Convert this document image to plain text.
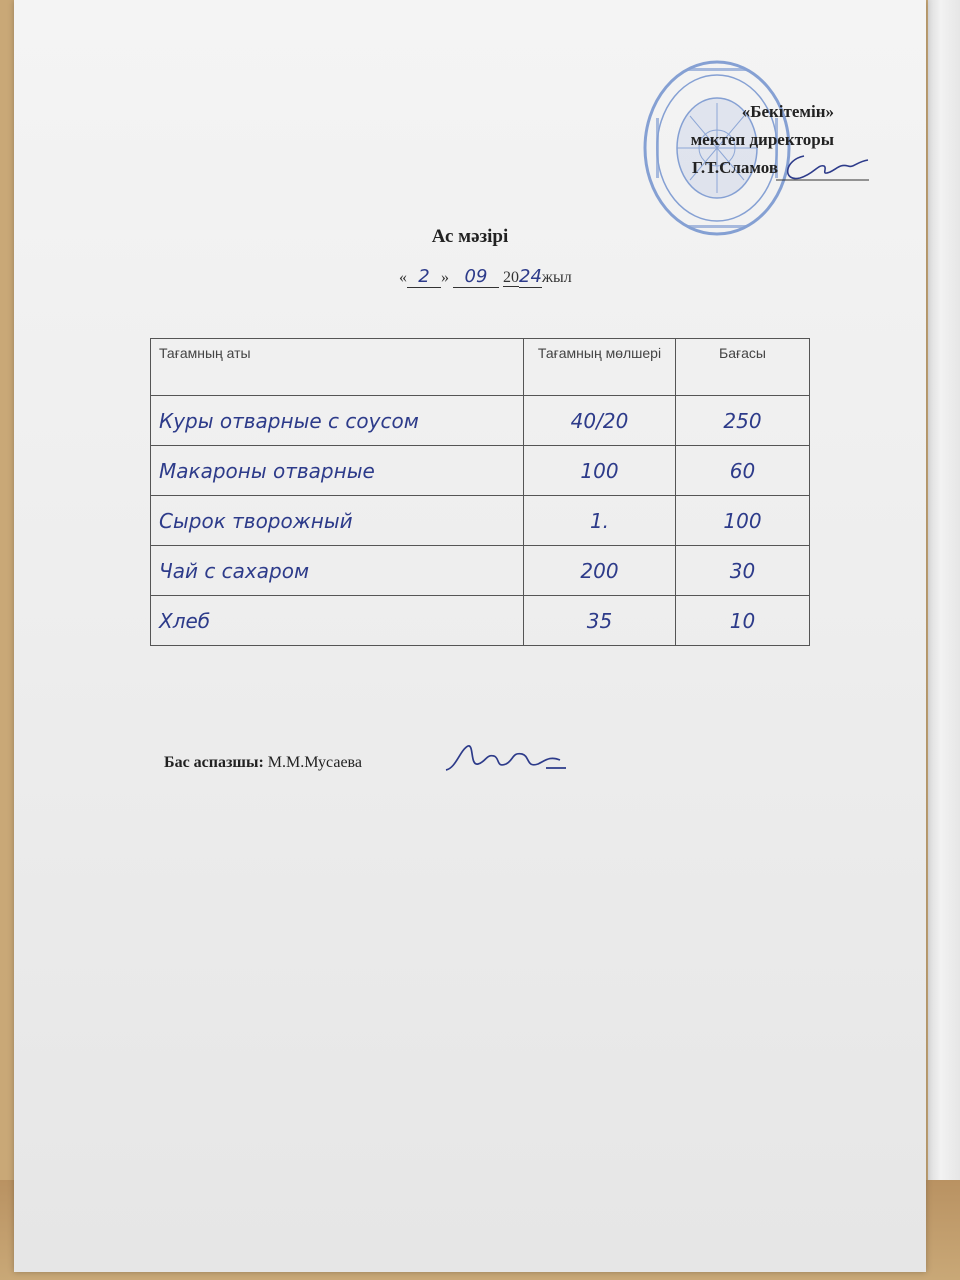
«Бекітемін»
мектеп директоры
Г.Т.Сламов
Ас мәзірі
« 2 » 09 2024жыл
Тағамның аты	Тағамның мөлшері	Бағасы
Куры отварные с соусом	40/20	250
Макароны отварные	100	60
Сырок творожный	1.	100
Чай с сахаром	200	30
Хлеб	35	10
Бас аспазшы: М.М.Мусаева
